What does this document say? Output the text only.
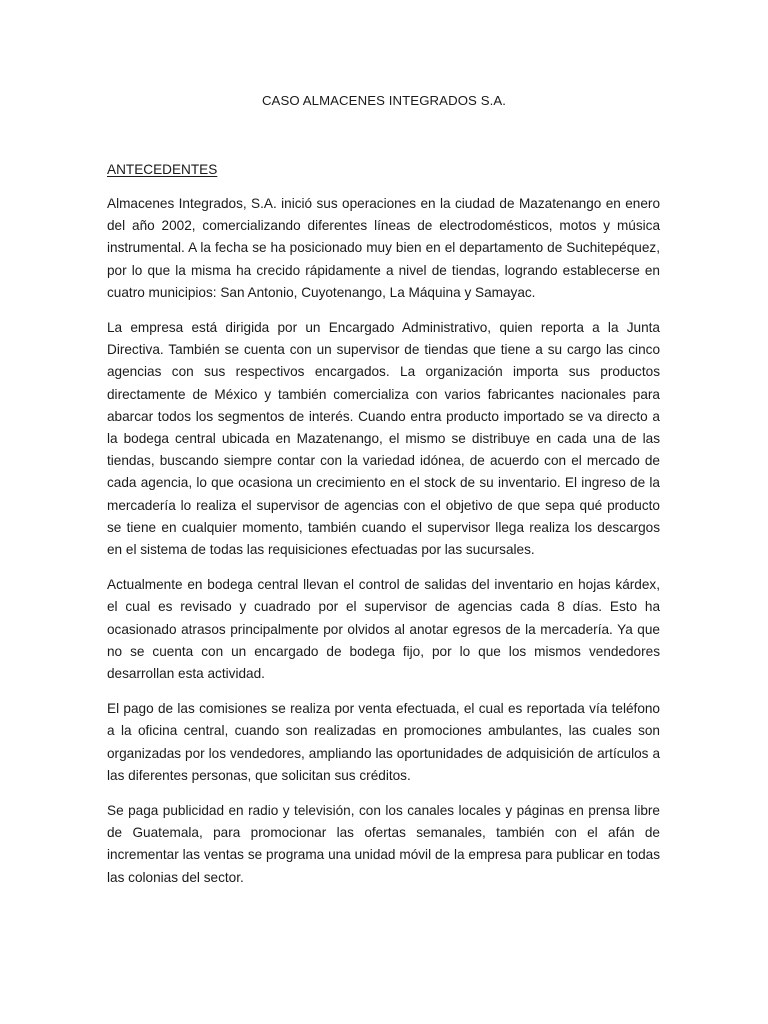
CASO ALMACENES INTEGRADOS S.A.
ANTECEDENTES

Almacenes Integrados, S.A. inició sus operaciones en la ciudad de Mazatenango en enero del año 2002, comercializando diferentes líneas de electrodomésticos, motos y música instrumental. A la fecha se ha posicionado muy bien en el departamento de Suchitepéquez, por lo que la misma ha crecido rápidamente a nivel de tiendas, logrando establecerse en cuatro municipios: San Antonio, Cuyotenango, La Máquina y Samayac.

La empresa está dirigida por un Encargado Administrativo, quien reporta a la Junta Directiva. También se cuenta con un supervisor de tiendas que tiene a su cargo las cinco agencias con sus respectivos encargados. La organización importa sus productos directamente de México y también comercializa con varios fabricantes nacionales para abarcar todos los segmentos de interés. Cuando entra producto importado se va directo a la bodega central ubicada en Mazatenango, el mismo se distribuye en cada una de las tiendas, buscando siempre contar con la variedad idónea, de acuerdo con el mercado de cada agencia, lo que ocasiona un crecimiento en el stock de su inventario. El ingreso de la mercadería lo realiza el supervisor de agencias con el objetivo de que sepa qué producto se tiene en cualquier momento, también cuando el supervisor llega realiza los descargos en el sistema de todas las requisiciones efectuadas por las sucursales.

Actualmente en bodega central llevan el control de salidas del inventario en hojas kárdex, el cual es revisado y cuadrado por el supervisor de agencias cada 8 días. Esto ha ocasionado atrasos principalmente por olvidos al anotar egresos de la mercadería. Ya que no se cuenta con un encargado de bodega fijo, por lo que los mismos vendedores desarrollan esta actividad.

El pago de las comisiones se realiza por venta efectuada, el cual es reportada vía teléfono a la oficina central, cuando son realizadas en promociones ambulantes, las cuales son organizadas por los vendedores, ampliando las oportunidades de adquisición de artículos a las diferentes personas, que solicitan sus créditos.

Se paga publicidad en radio y televisión, con los canales locales y páginas en prensa libre de Guatemala, para promocionar las ofertas semanales, también con el afán de incrementar las ventas se programa una unidad móvil de la empresa para publicar en todas las colonias del sector.
